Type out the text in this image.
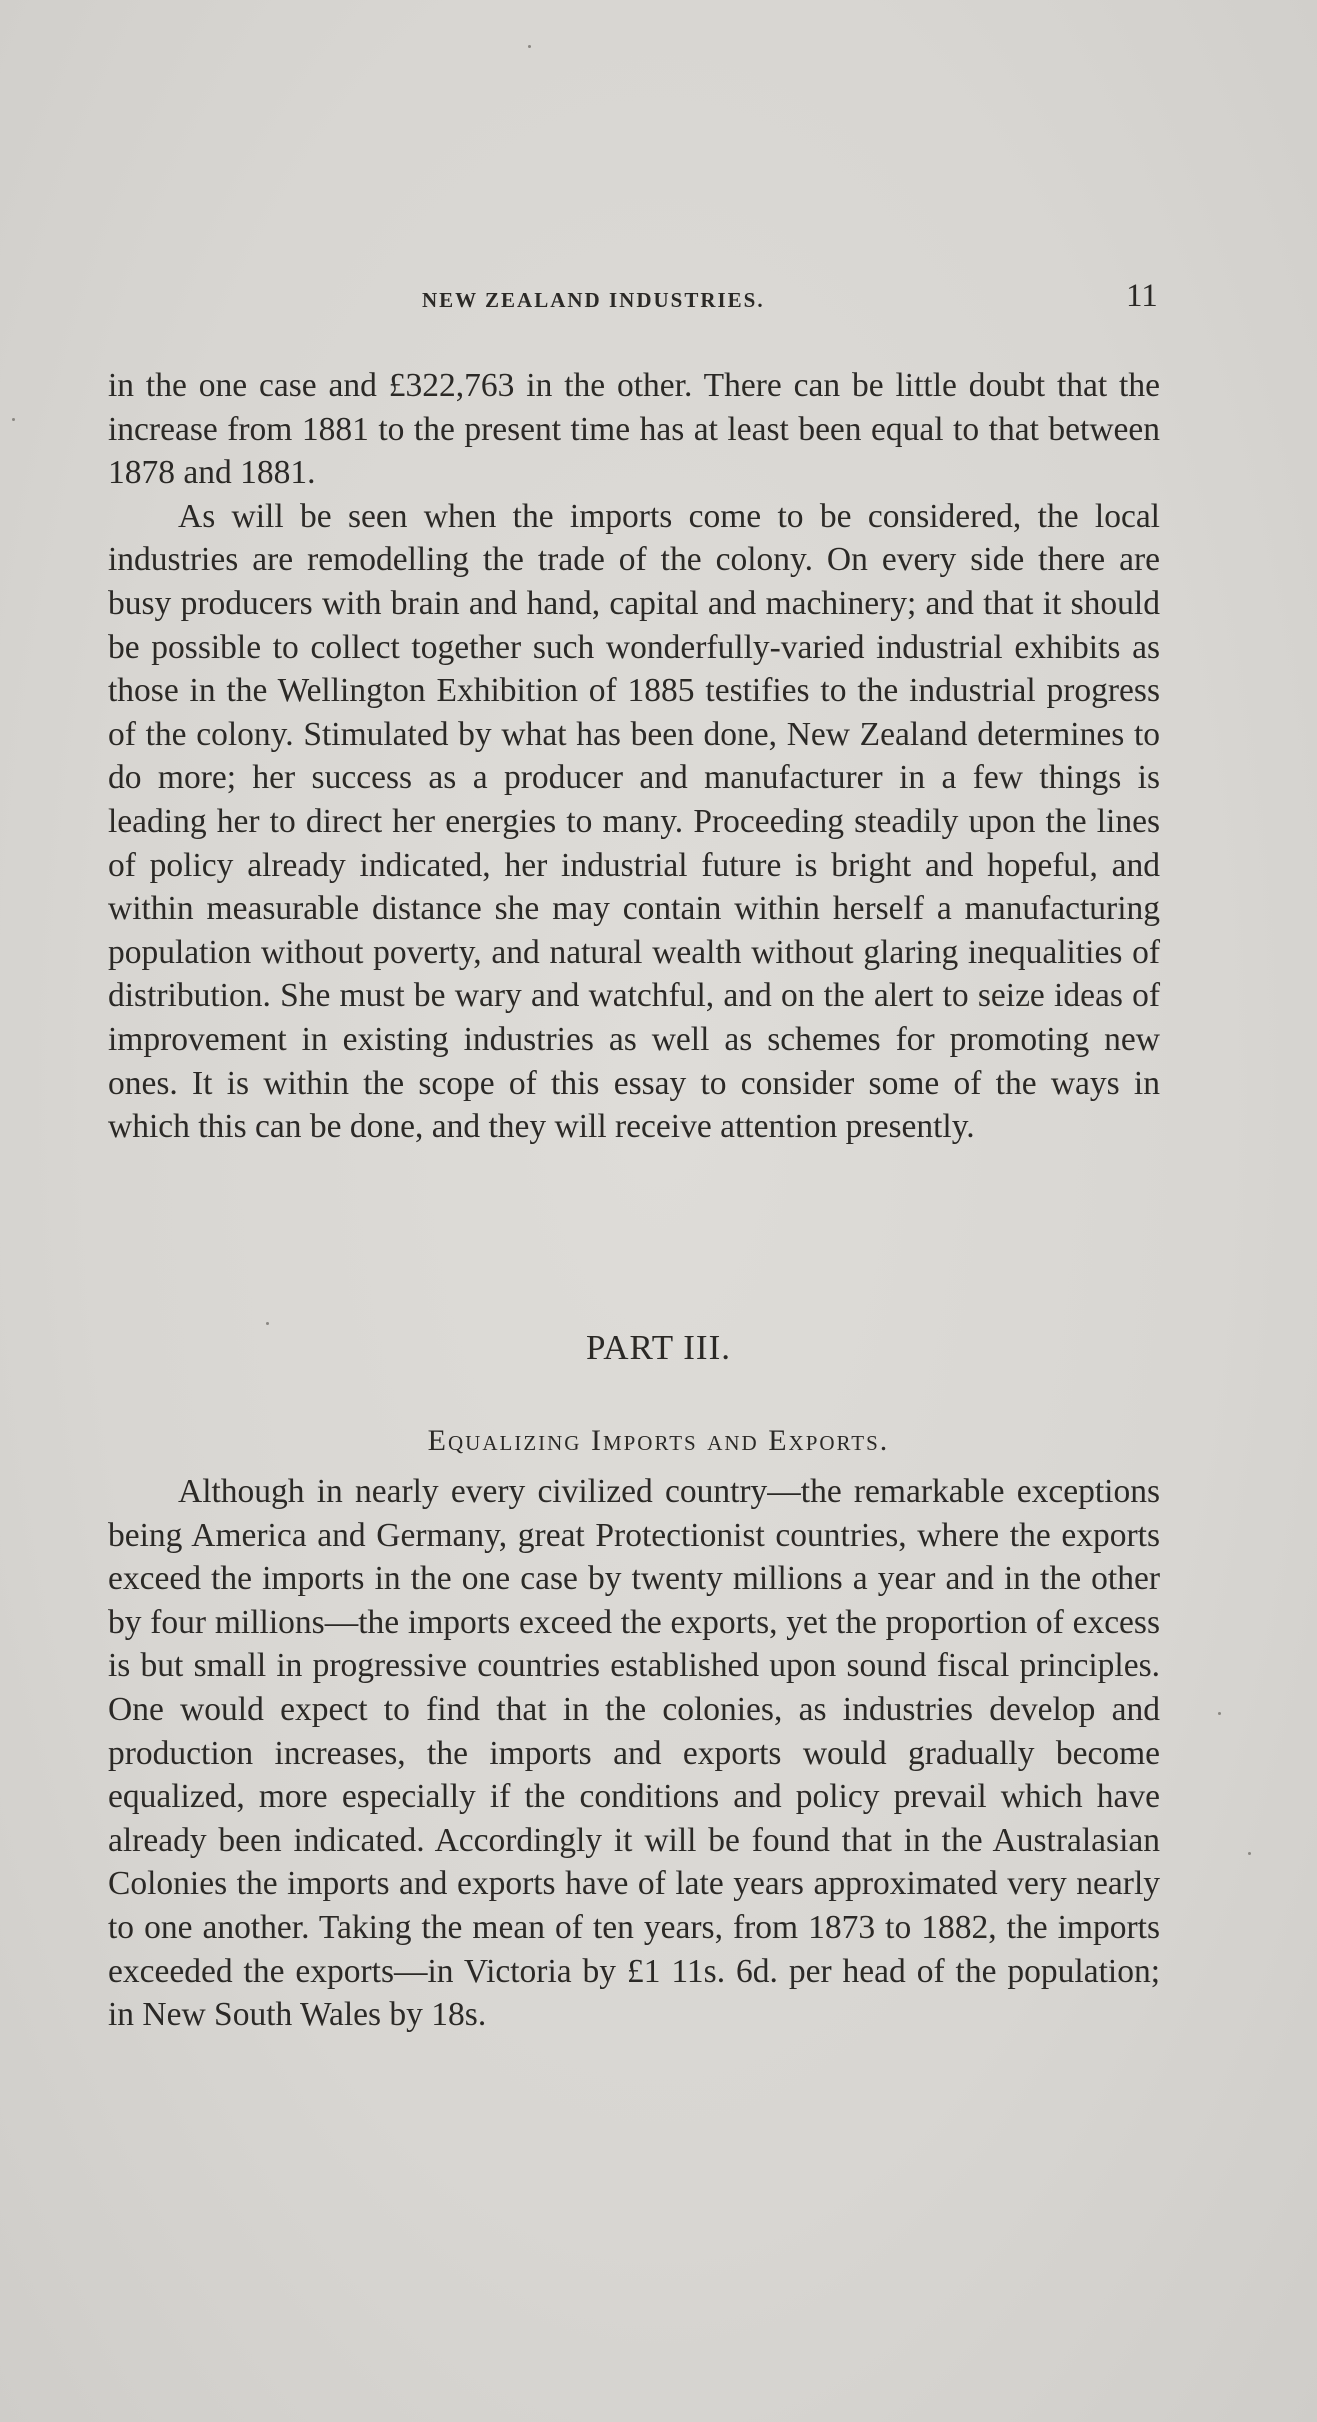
NEW ZEALAND INDUSTRIES.	11

in the one case and £322,763 in the other. There can be little doubt that the increase from 1881 to the present time has at least been equal to that between 1878 and 1881.

As will be seen when the imports come to be considered, the local industries are remodelling the trade of the colony. On every side there are busy producers with brain and hand, capital and machinery; and that it should be possible to collect together such wonderfully-varied industrial exhibits as those in the Wellington Exhibition of 1885 testifies to the industrial progress of the colony. Stimulated by what has been done, New Zealand determines to do more; her success as a producer and manufacturer in a few things is leading her to direct her energies to many. Proceeding steadily upon the lines of policy already indicated, her industrial future is bright and hopeful, and within measurable distance she may contain within herself a manufacturing population without poverty, and natural wealth without glaring inequalities of distribution. She must be wary and watchful, and on the alert to seize ideas of improvement in existing industries as well as schemes for promoting new ones. It is within the scope of this essay to consider some of the ways in which this can be done, and they will receive attention presently.

PART III.
Equalizing Imports and Exports.

Although in nearly every civilized country—the remarkable exceptions being America and Germany, great Protectionist countries, where the exports exceed the imports in the one case by twenty millions a year and in the other by four millions—the imports exceed the exports, yet the proportion of excess is but small in progressive countries established upon sound fiscal principles. One would expect to find that in the colonies, as industries develop and production increases, the imports and exports would gradually become equalized, more especially if the conditions and policy prevail which have already been indicated. Accordingly it will be found that in the Australasian Colonies the imports and exports have of late years approximated very nearly to one another. Taking the mean of ten years, from 1873 to 1882, the imports exceeded the exports—in Victoria by £1 11s. 6d. per head of the population; in New South Wales by 18s.
